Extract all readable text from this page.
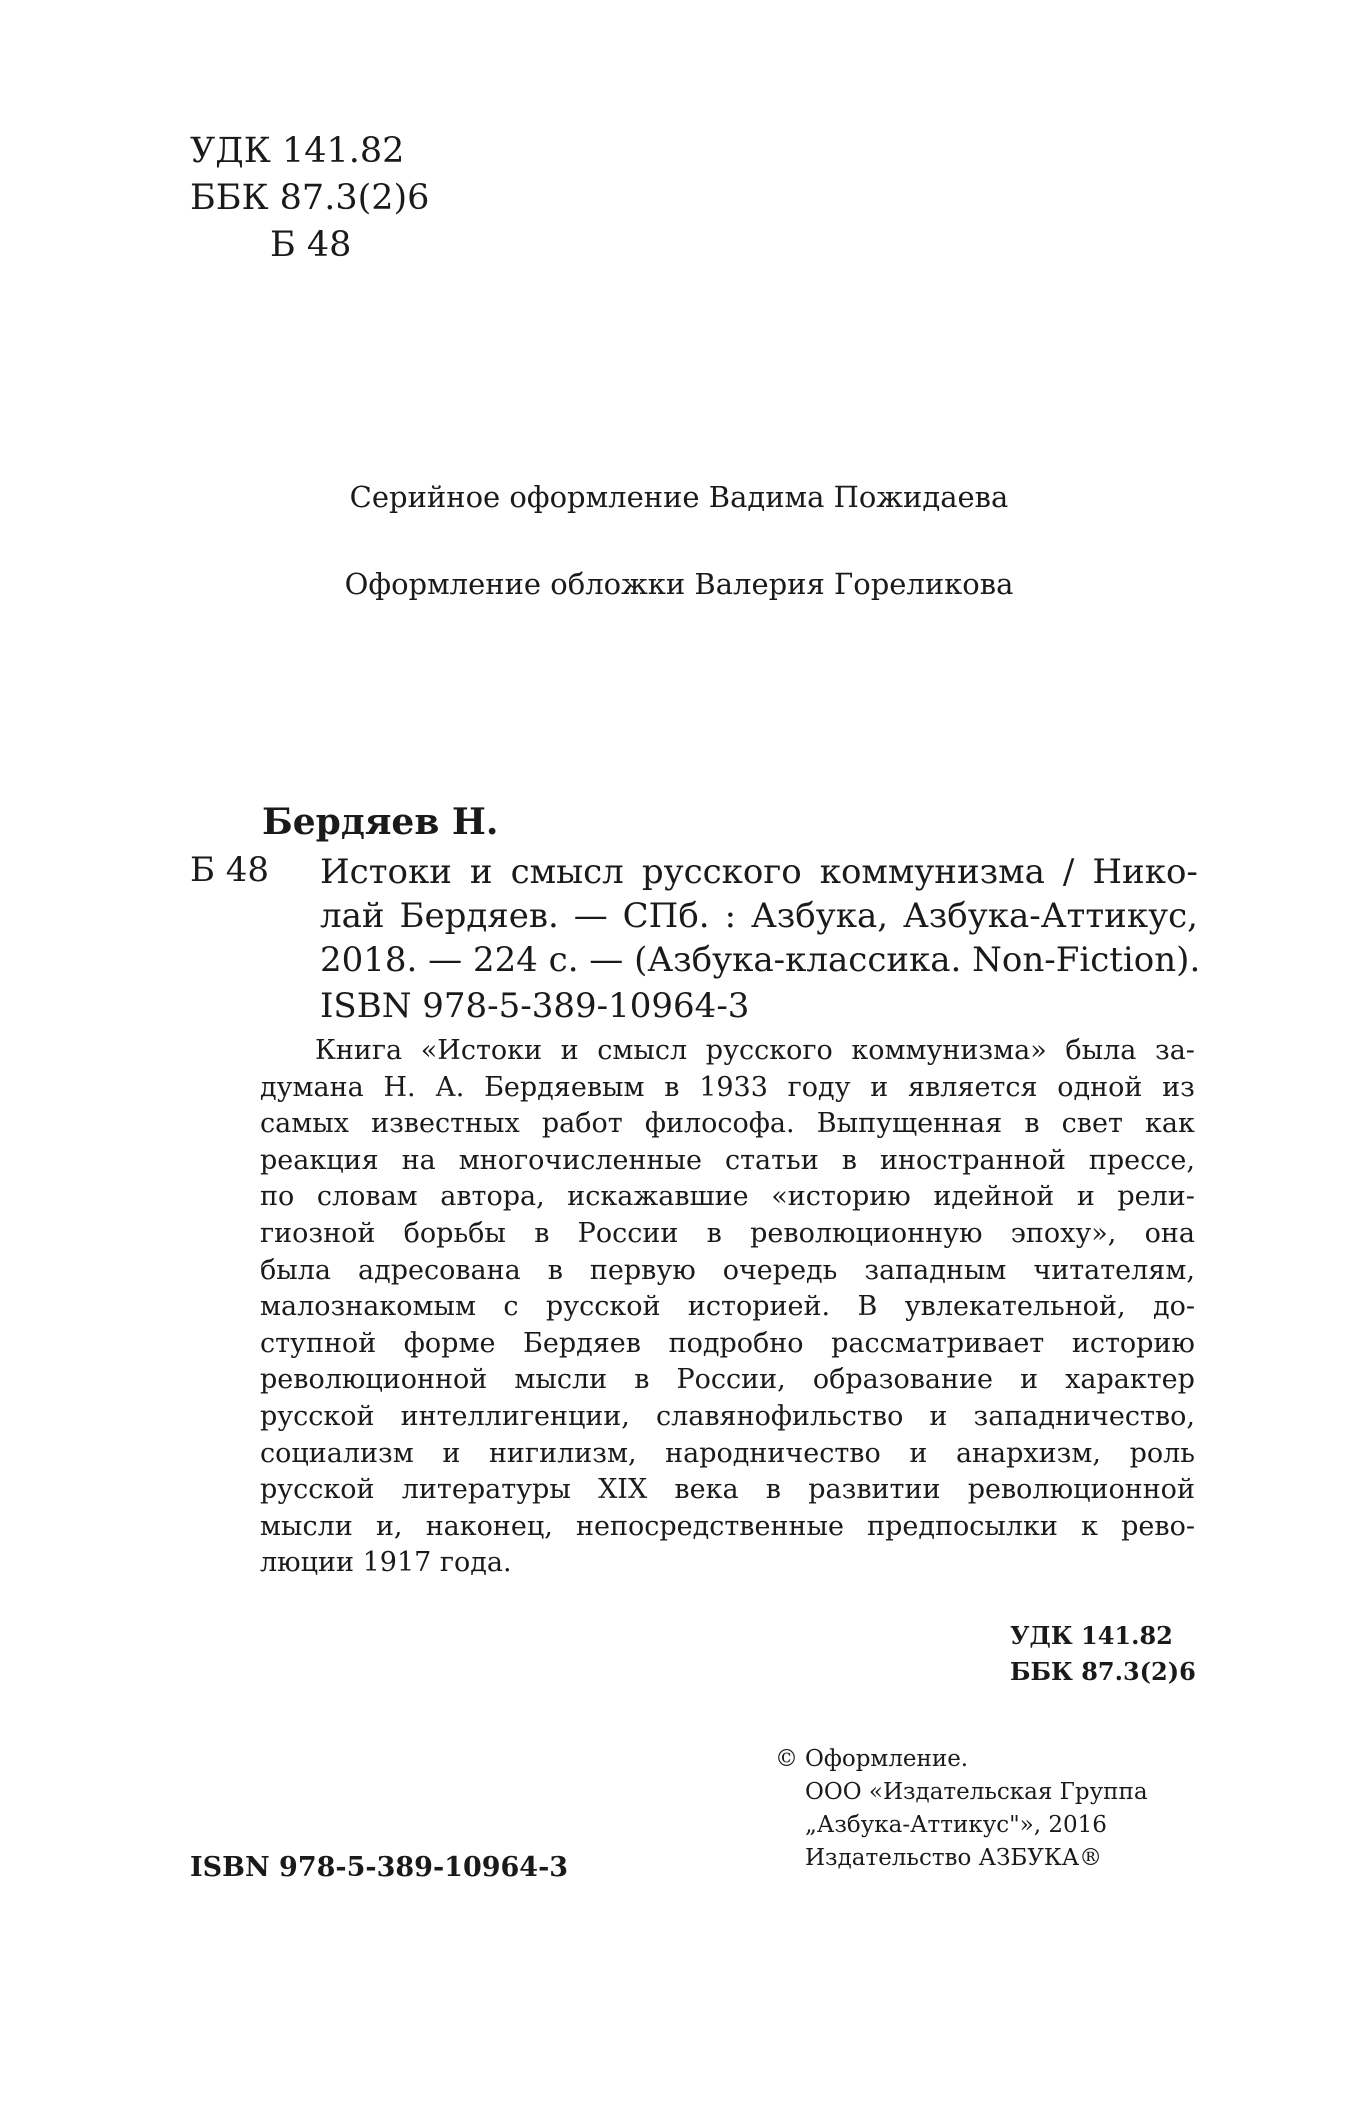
УДК 141.82
ББК 87.3(2)6
Б 48
Серийное оформление Вадима Пожидаева
Оформление обложки Валерия Гореликова
Бердяев Н.
Б 48 Истоки и смысл русского коммунизма / Нико-
лай Бердяев. — СПб. : Азбука, Азбука-Аттикус,
2018. — 224 с. — (Азбука-классика. Non-Fiction).
ISBN 978-5-389-10964-3
Книга «Истоки и смысл русского коммунизма» была за-
думана Н. А. Бердяевым в 1933 году и является одной из
самых известных работ философа. Выпущенная в свет как
реакция на многочисленные статьи в иностранной прессе,
по словам автора, искажавшие «историю идейной и рели-
гиозной борьбы в России в революционную эпоху», она
была адресована в первую очередь западным читателям,
малознакомым с русской историей. В увлекательной, до-
ступной форме Бердяев подробно рассматривает историю
революционной мысли в России, образование и характер
русской интеллигенции, славянофильство и западничество,
социализм и нигилизм, народничество и анархизм, роль
русской литературы XIX века в развитии революционной
мысли и, наконец, непосредственные предпосылки к рево-
люции 1917 года.
УДК 141.82
ББК 87.3(2)6
© Оформление.
ООО «Издательская Группа
„Азбука-Аттикус"», 2016
Издательство АЗБУКА®
ISBN 978-5-389-10964-3
